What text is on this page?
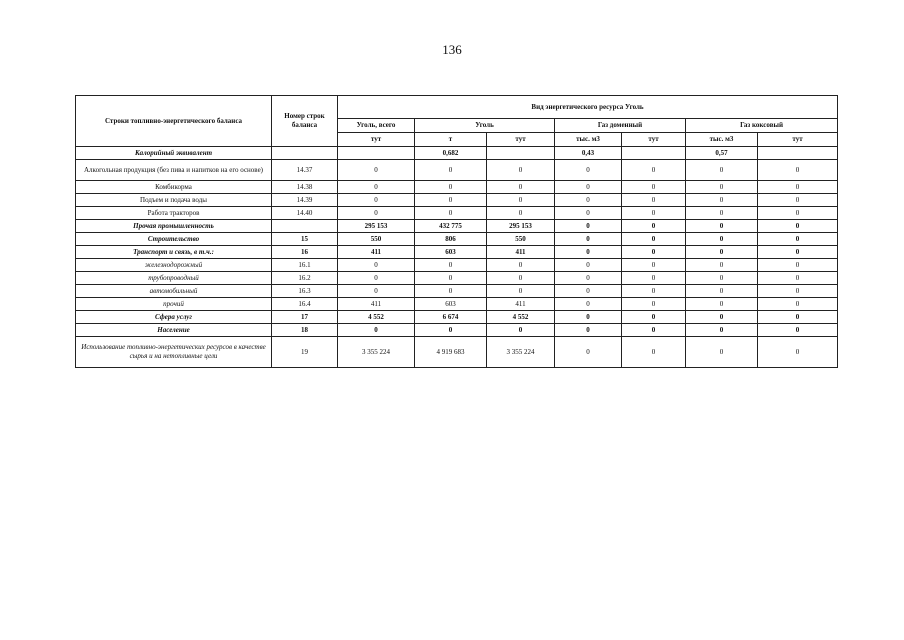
136
Строки топливно-энергетического баланса	Номер строк баланса	Вид энергетического ресурса Уголь						
		Уголь, всего	Уголь		Газ доменный		Газ коксовый	
		тут	т	тут	тыс. м3	тут	тыс. м3	тут
Калорийный эквивалент			0,682		0,43		0,57	
Алкогольная продукция (без пива и напитков на его основе)	14.37	0	0	0	0	0	0	0
Комбикорма	14.38	0	0	0	0	0	0	0
Подъем и подача воды	14.39	0	0	0	0	0	0	0
Работа тракторов	14.40	0	0	0	0	0	0	0
Прочая промышленность		295 153	432 775	295 153	0	0	0	0
Строительство	15	550	806	550	0	0	0	0
Транспорт и связь, в т.ч.:	16	411	603	411	0	0	0	0
железнодорожный	16.1	0	0	0	0	0	0	0
трубопроводный	16.2	0	0	0	0	0	0	0
автомобильный	16.3	0	0	0	0	0	0	0
прочий	16.4	411	603	411	0	0	0	0
Сфера услуг	17	4 552	6 674	4 552	0	0	0	0
Население	18	0	0	0	0	0	0	0
Использование топливно-энергетических ресурсов в качестве сырья и на нетопливные цели	19	3 355 224	4 919 683	3 355 224	0	0	0	0
